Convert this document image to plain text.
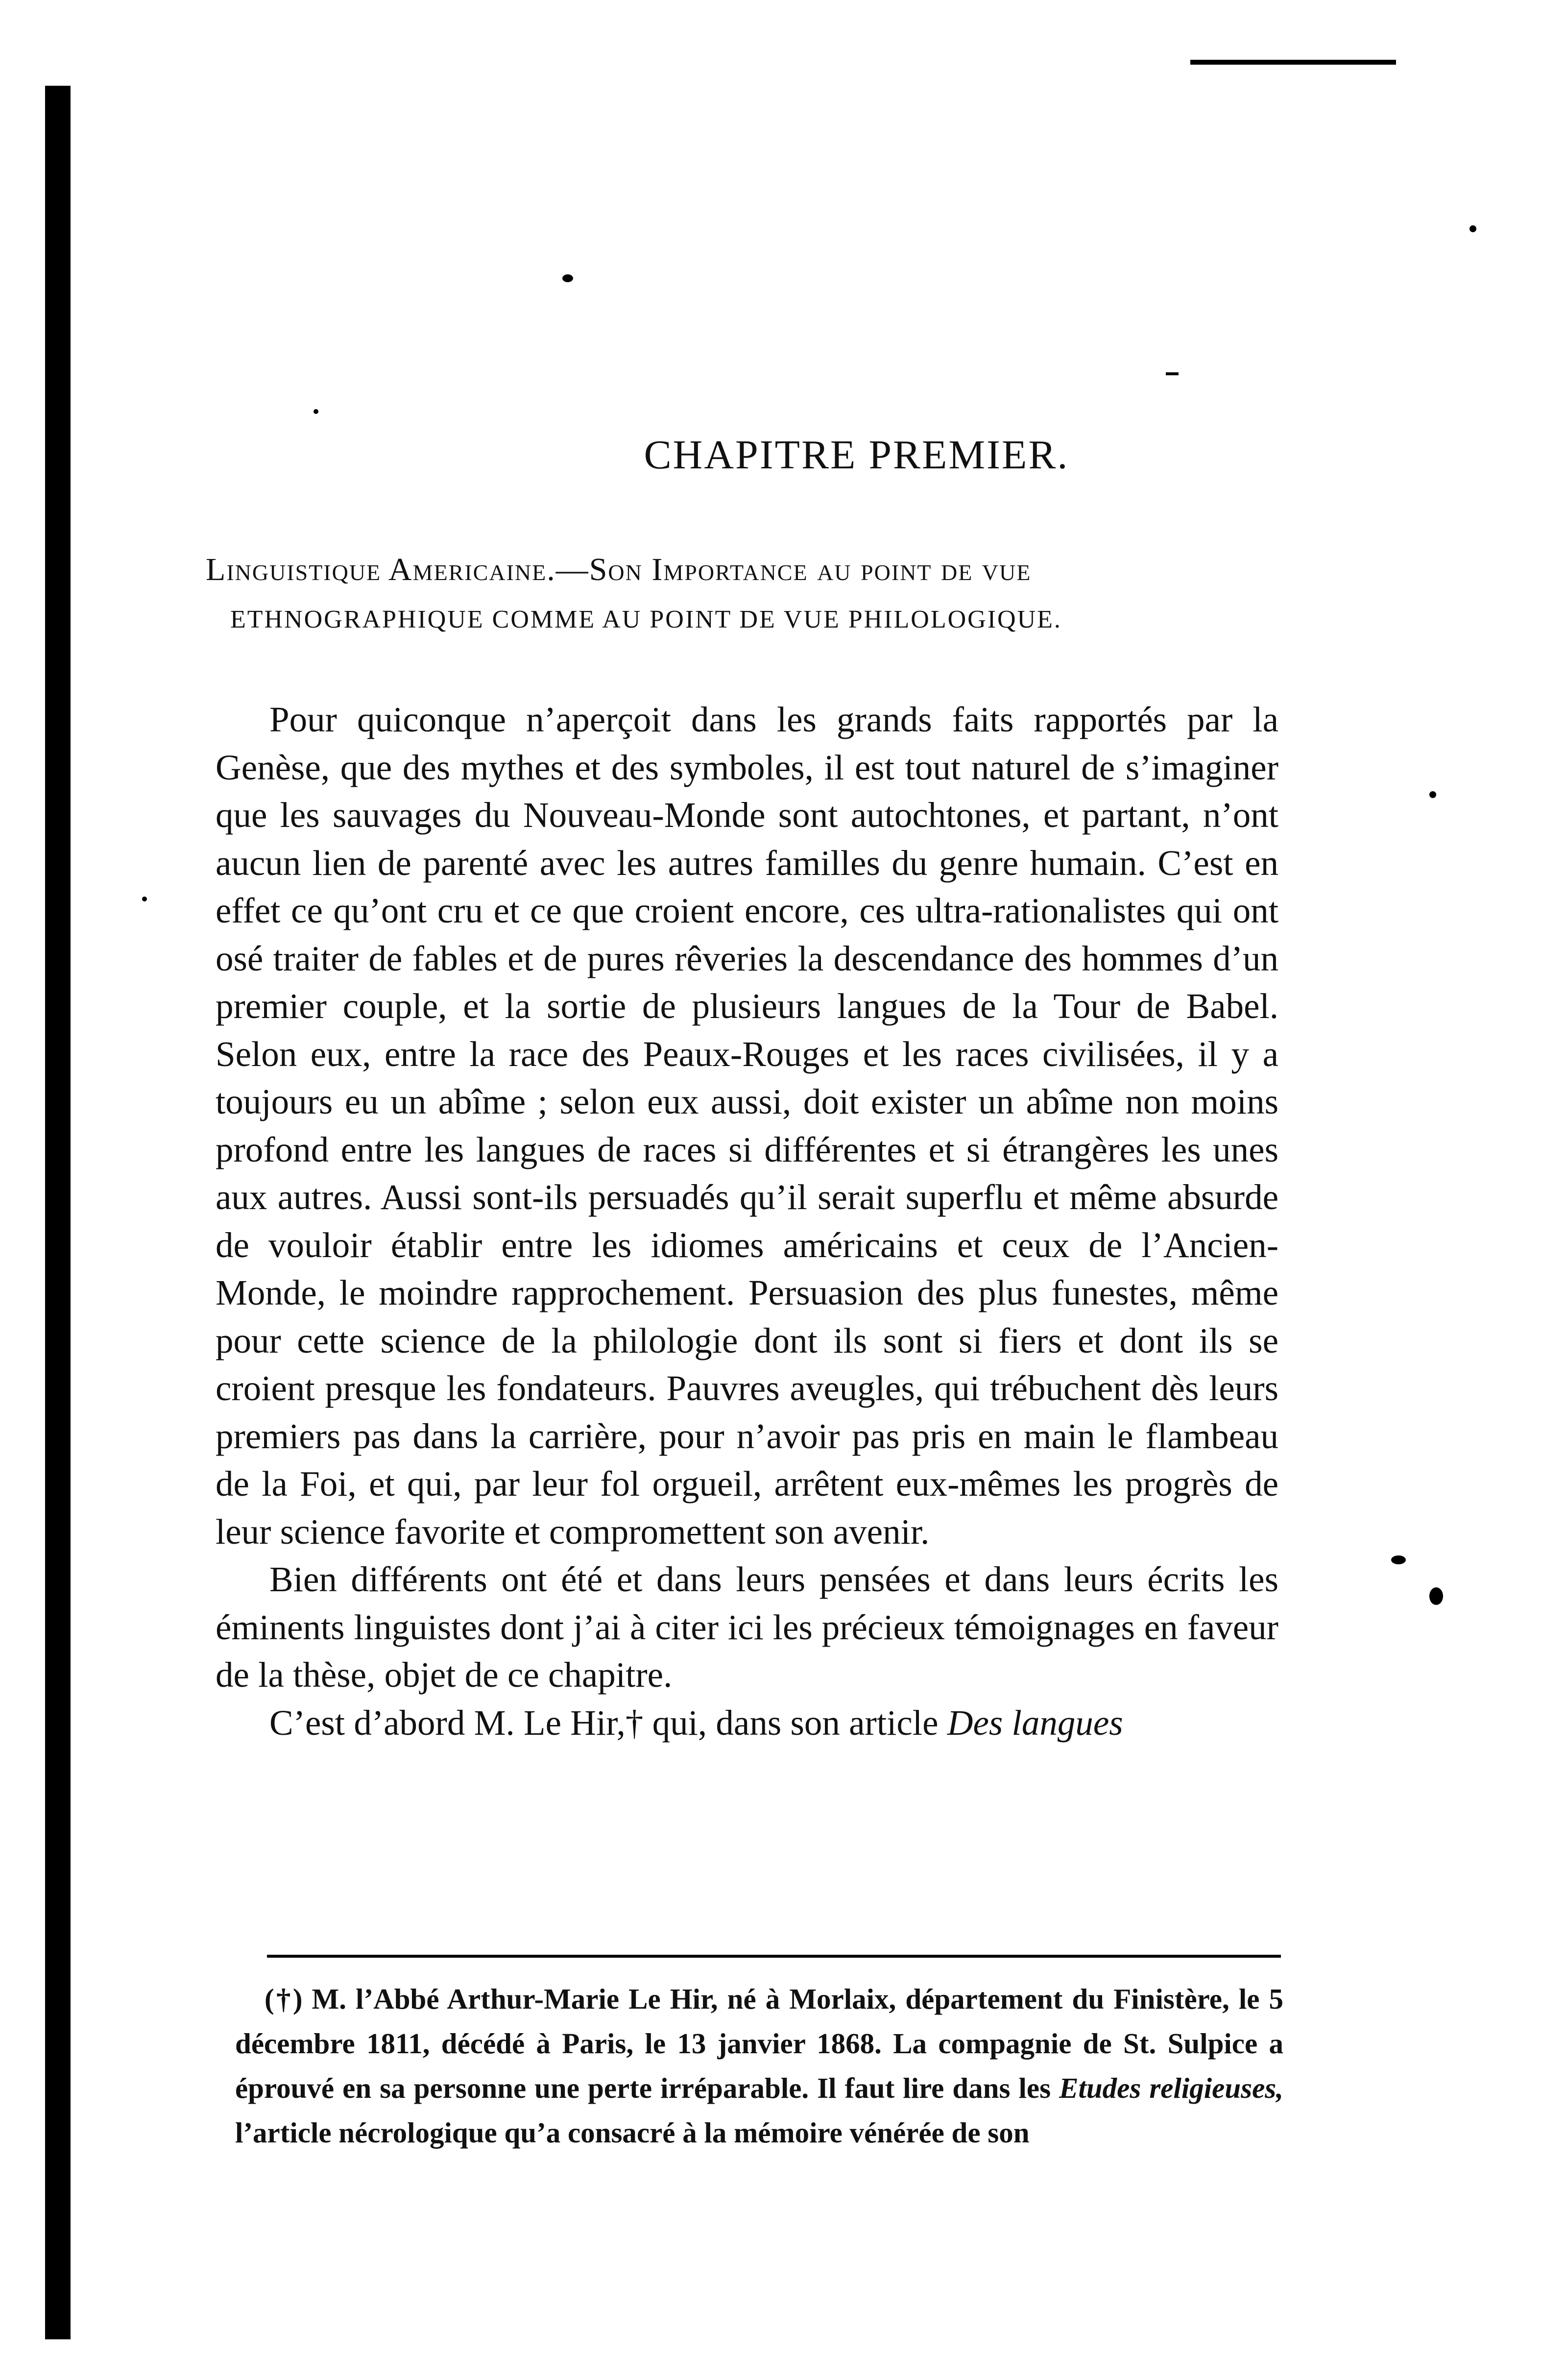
CHAPITRE PREMIER.
Linguistique Americaine.—Son Importance au point de vue
ETHNOGRAPHIQUE COMME AU POINT DE VUE PHILOLOGIQUE.

Pour quiconque n’aperçoit dans les grands faits rapportés par la Genèse, que des mythes et des symboles, il est tout naturel de s’imaginer que les sauvages du Nouveau-Monde sont autochtones, et partant, n’ont aucun lien de parenté avec les autres familles du genre humain. C’est en effet ce qu’ont cru et ce que croient encore, ces ultra-rationalistes qui ont osé traiter de fables et de pures rêveries la descendance des hommes d’un premier couple, et la sortie de plusieurs langues de la Tour de Babel. Selon eux, entre la race des Peaux-Rouges et les races civilisées, il y a toujours eu un abîme ; selon eux aussi, doit exister un abîme non moins profond entre les langues de races si différentes et si étrangères les unes aux autres. Aussi sont-ils persuadés qu’il serait superflu et même absurde de vouloir établir entre les idiomes américains et ceux de l’Ancien-Monde, le moindre rapprochement. Persuasion des plus funestes, même pour cette science de la philologie dont ils sont si fiers et dont ils se croient presque les fondateurs. Pauvres aveugles, qui trébuchent dès leurs premiers pas dans la carrière, pour n’avoir pas pris en main le flambeau de la Foi, et qui, par leur fol orgueil, arrêtent eux-mêmes les progrès de leur science favorite et compromettent son avenir.

Bien différents ont été et dans leurs pensées et dans leurs écrits les éminents linguistes dont j’ai à citer ici les précieux témoignages en faveur de la thèse, objet de ce chapitre.

C’est d’abord M. Le Hir,† qui, dans son article Des langues

(†) M. l’Abbé Arthur-Marie Le Hir, né à Morlaix, département du Finistère, le 5 décembre 1811, décédé à Paris, le 13 janvier 1868. La compagnie de St. Sulpice a éprouvé en sa personne une perte irréparable. Il faut lire dans les Etudes religieuses, l’article nécrologique qu’a consacré à la mémoire vénérée de son
